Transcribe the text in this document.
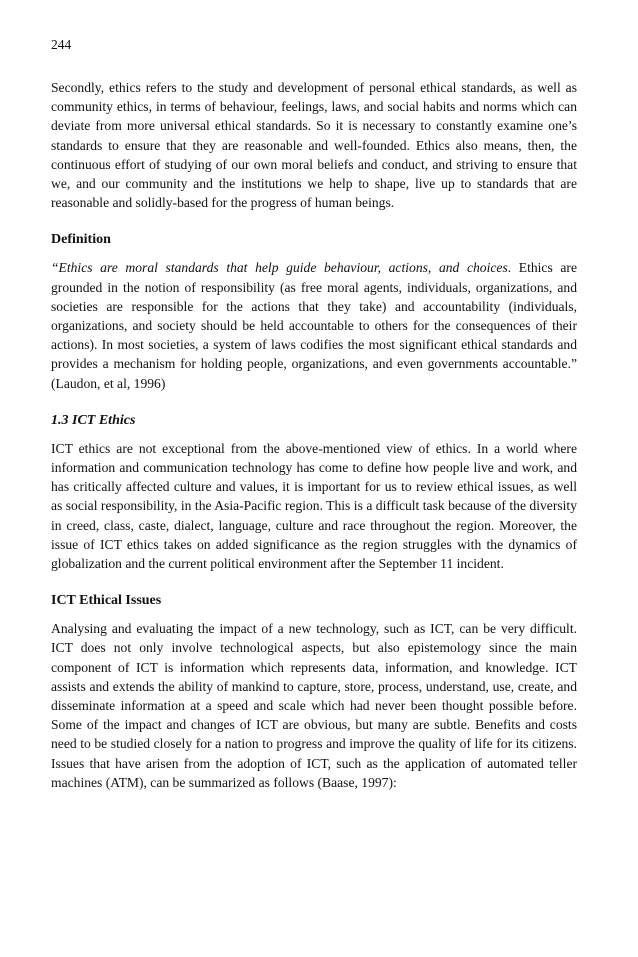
244

Secondly, ethics refers to the study and development of personal ethical standards, as well as community ethics, in terms of behaviour, feelings, laws, and social habits and norms which can deviate from more universal ethical standards. So it is necessary to constantly examine one’s standards to ensure that they are reasonable and well-founded. Ethics also means, then, the continuous effort of studying of our own moral beliefs and conduct, and striving to ensure that we, and our community and the institutions we help to shape, live up to standards that are reasonable and solidly-based for the progress of human beings.

Definition

“Ethics are moral standards that help guide behaviour, actions, and choices. Ethics are grounded in the notion of responsibility (as free moral agents, individuals, organizations, and societies are responsible for the actions that they take) and accountability (individuals, organizations, and society should be held accountable to others for the consequences of their actions). In most societies, a system of laws codifies the most significant ethical standards and provides a mechanism for holding people, organizations, and even governments accountable.” (Laudon, et al, 1996)

1.3 ICT Ethics

ICT ethics are not exceptional from the above-mentioned view of ethics. In a world where information and communication technology has come to define how people live and work, and has critically affected culture and values, it is important for us to review ethical issues, as well as social responsibility, in the Asia-Pacific region. This is a difficult task because of the diversity in creed, class, caste, dialect, language, culture and race throughout the region. Moreover, the issue of ICT ethics takes on added significance as the region struggles with the dynamics of globalization and the current political environment after the September 11 incident.

ICT Ethical Issues

Analysing and evaluating the impact of a new technology, such as ICT, can be very difficult. ICT does not only involve technological aspects, but also epistemology since the main component of ICT is information which represents data, information, and knowledge. ICT assists and extends the ability of mankind to capture, store, process, understand, use, create, and disseminate information at a speed and scale which had never been thought possible before. Some of the impact and changes of ICT are obvious, but many are subtle. Benefits and costs need to be studied closely for a nation to progress and improve the quality of life for its citizens. Issues that have arisen from the adoption of ICT, such as the application of automated teller machines (ATM), can be summarized as follows (Baase, 1997):
